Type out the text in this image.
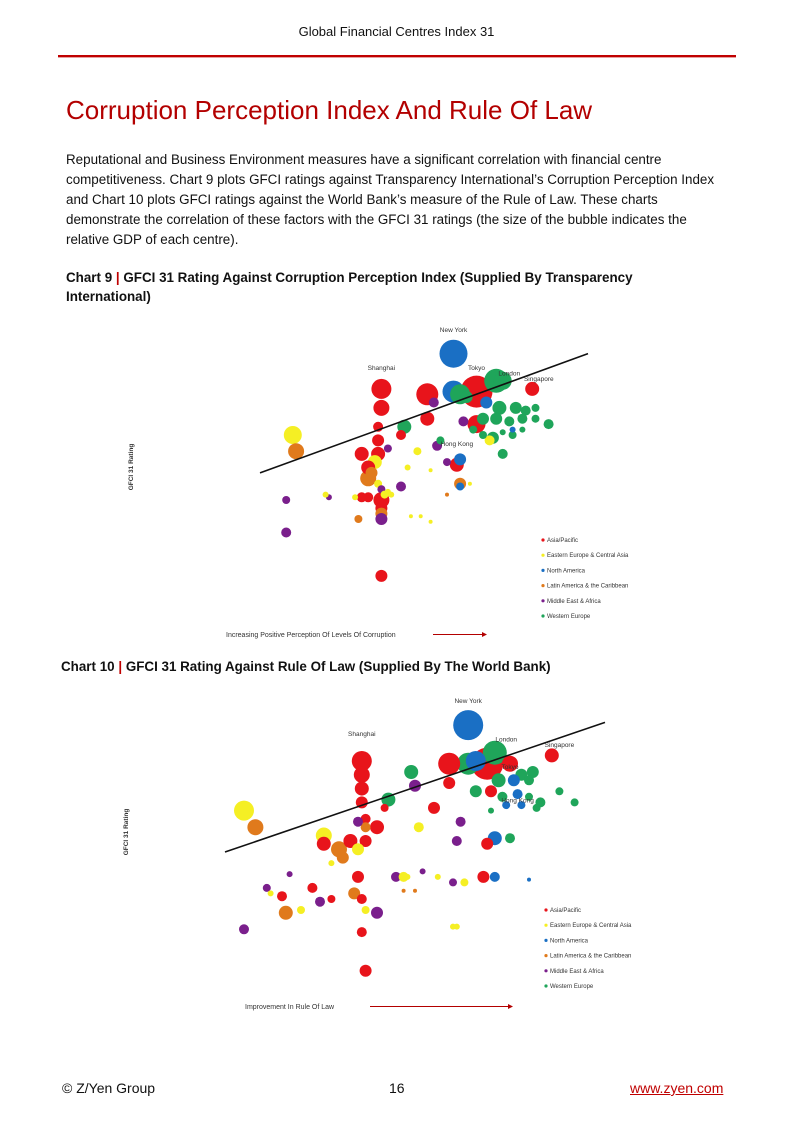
Global Financial Centres Index 31
Corruption Perception Index And Rule Of Law

Reputational and Business Environment measures have a significant correlation with financial centre competitiveness. Chart 9 plots GFCI ratings against Transparency International’s Corruption Perception Index and Chart 10 plots GFCI ratings against the World Bank’s measure of the Rule of Law. These charts demonstrate the correlation of these factors with the GFCI 31 ratings (the size of the bubble indicates the relative GDP of each centre).

Chart 9 | GFCI 31 Rating Against Corruption Perception Index (Supplied By Transparency International)
GFCI 31 Rating
New York
Shanghai	Tokyo
London
Singapore
Hong Kong
Asia/Pacific
Eastern Europe & Central Asia
North America
Latin America & the Caribbean
Middle East & Africa
Western Europe
Increasing Positive Perception Of Levels Of Corruption
Chart 10 | GFCI 31 Rating Against Rule Of Law (Supplied By The World Bank)
GFCI 31 Rating
New York
Shanghai
London
Singapore
Tokyo
Hong Kong
Asia/Pacific
Eastern Europe & Central Asia
North America
Latin America & the Caribbean
Middle East & Africa
Western Europe
Improvement In Rule Of Law
© Z/Yen Group	16	www.zyen.com
